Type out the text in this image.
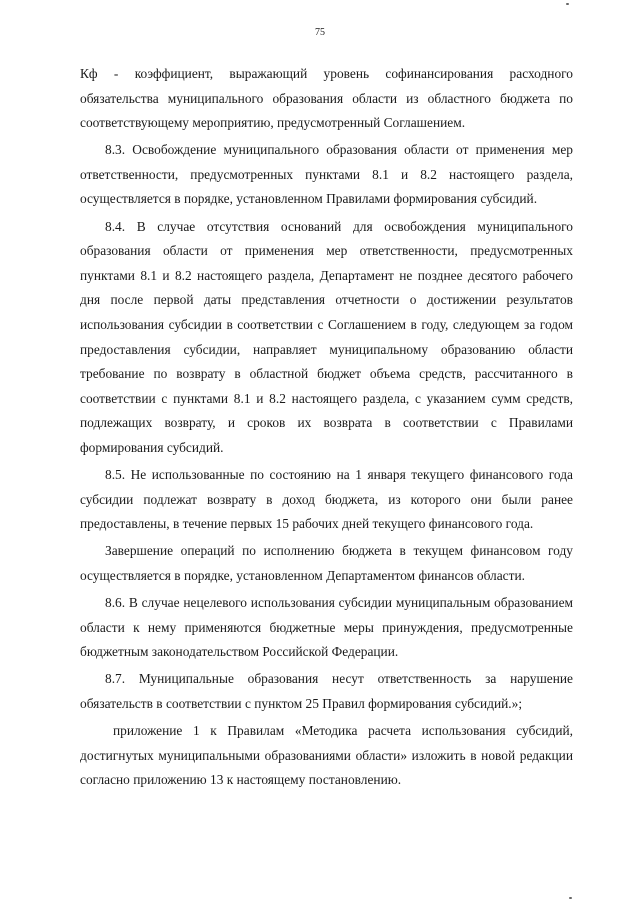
75

Кф - коэффициент, выражающий уровень софинансирования расходного обязательства муниципального образования области из областного бюджета по соответствующему мероприятию, предусмотренный Соглашением.

8.3. Освобождение муниципального образования области от применения мер ответственности, предусмотренных пунктами 8.1 и 8.2 настоящего раздела, осуществляется в порядке, установленном Правилами формирования субсидий.

8.4. В случае отсутствия оснований для освобождения муниципального образования области от применения мер ответственности, предусмотренных пунктами 8.1 и 8.2 настоящего раздела, Департамент не позднее десятого рабочего дня после первой даты представления отчетности о достижении результатов использования субсидии в соответствии с Соглашением в году, следующем за годом предоставления субсидии, направляет муниципальному образованию области требование по возврату в областной бюджет объема средств, рассчитанного в соответствии с пунктами 8.1 и 8.2 настоящего раздела, с указанием сумм средств, подлежащих возврату, и сроков их возврата в соответствии с Правилами формирования субсидий.

8.5. Не использованные по состоянию на 1 января текущего финансового года субсидии подлежат возврату в доход бюджета, из которого они были ранее предоставлены, в течение первых 15 рабочих дней текущего финансового года.

Завершение операций по исполнению бюджета в текущем финансовом году осуществляется в порядке, установленном Департаментом финансов области.

8.6. В случае нецелевого использования субсидии муниципальным образованием области к нему применяются бюджетные меры принуждения, предусмотренные бюджетным законодательством Российской Федерации.

8.7. Муниципальные образования несут ответственность за нарушение обязательств в соответствии с пунктом 25 Правил формирования субсидий.»;

приложение 1 к Правилам «Методика расчета использования субсидий, достигнутых муниципальными образованиями области» изложить в новой редакции согласно приложению 13 к настоящему постановлению.
